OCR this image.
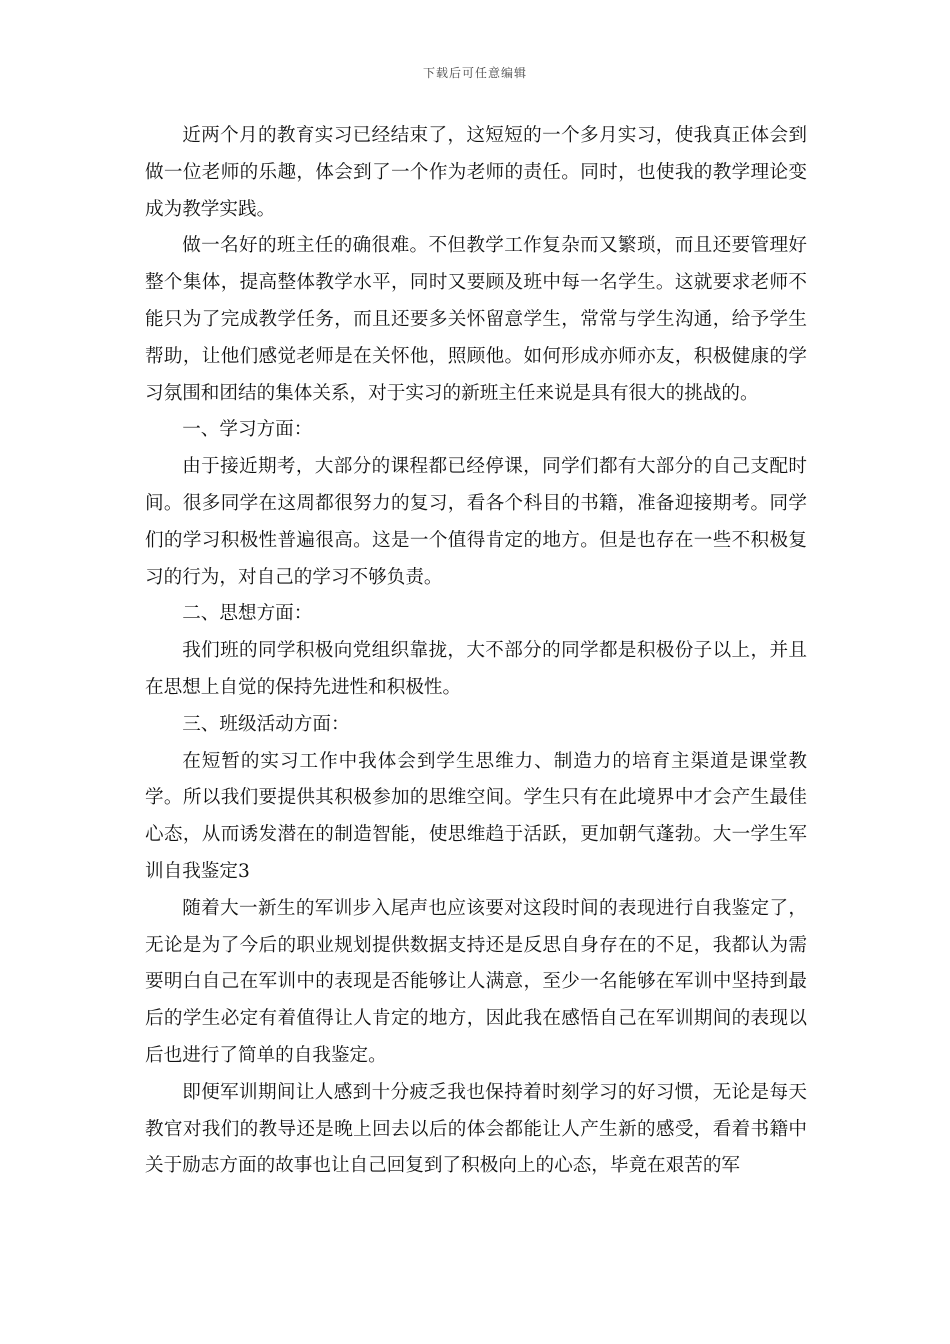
下载后可任意编辑

近两个月的教育实习已经结束了，这短短的一个多月实习，使我真正体会到做一位老师的乐趣，体会到了一个作为老师的责任。同时，也使我的教学理论变成为教学实践。

做一名好的班主任的确很难。不但教学工作复杂而又繁琐，而且还要管理好整个集体，提高整体教学水平，同时又要顾及班中每一名学生。这就要求老师不能只为了完成教学任务，而且还要多关怀留意学生，常常与学生沟通，给予学生帮助，让他们感觉老师是在关怀他，照顾他。如何形成亦师亦友，积极健康的学习氛围和团结的集体关系，对于实习的新班主任来说是具有很大的挑战的。

一、学习方面：

由于接近期考，大部分的课程都已经停课，同学们都有大部分的自己支配时间。很多同学在这周都很努力的复习，看各个科目的书籍，准备迎接期考。同学们的学习积极性普遍很高。这是一个值得肯定的地方。但是也存在一些不积极复习的行为，对自己的学习不够负责。

二、思想方面：

我们班的同学积极向党组织靠拢，大不部分的同学都是积极份子以上，并且在思想上自觉的保持先进性和积极性。

三、班级活动方面：

在短暂的实习工作中我体会到学生思维力、制造力的培育主渠道是课堂教学。所以我们要提供其积极参加的思维空间。学生只有在此境界中才会产生最佳心态，从而诱发潜在的制造智能，使思维趋于活跃，更加朝气蓬勃。大一学生军训自我鉴定3

随着大一新生的军训步入尾声也应该要对这段时间的表现进行自我鉴定了，无论是为了今后的职业规划提供数据支持还是反思自身存在的不足，我都认为需要明白自己在军训中的表现是否能够让人满意，至少一名能够在军训中坚持到最后的学生必定有着值得让人肯定的地方，因此我在感悟自己在军训期间的表现以后也进行了简单的自我鉴定。

即便军训期间让人感到十分疲乏我也保持着时刻学习的好习惯，无论是每天教官对我们的教导还是晚上回去以后的体会都能让人产生新的感受，看着书籍中关于励志方面的故事也让自己回复到了积极向上的心态，毕竟在艰苦的军
